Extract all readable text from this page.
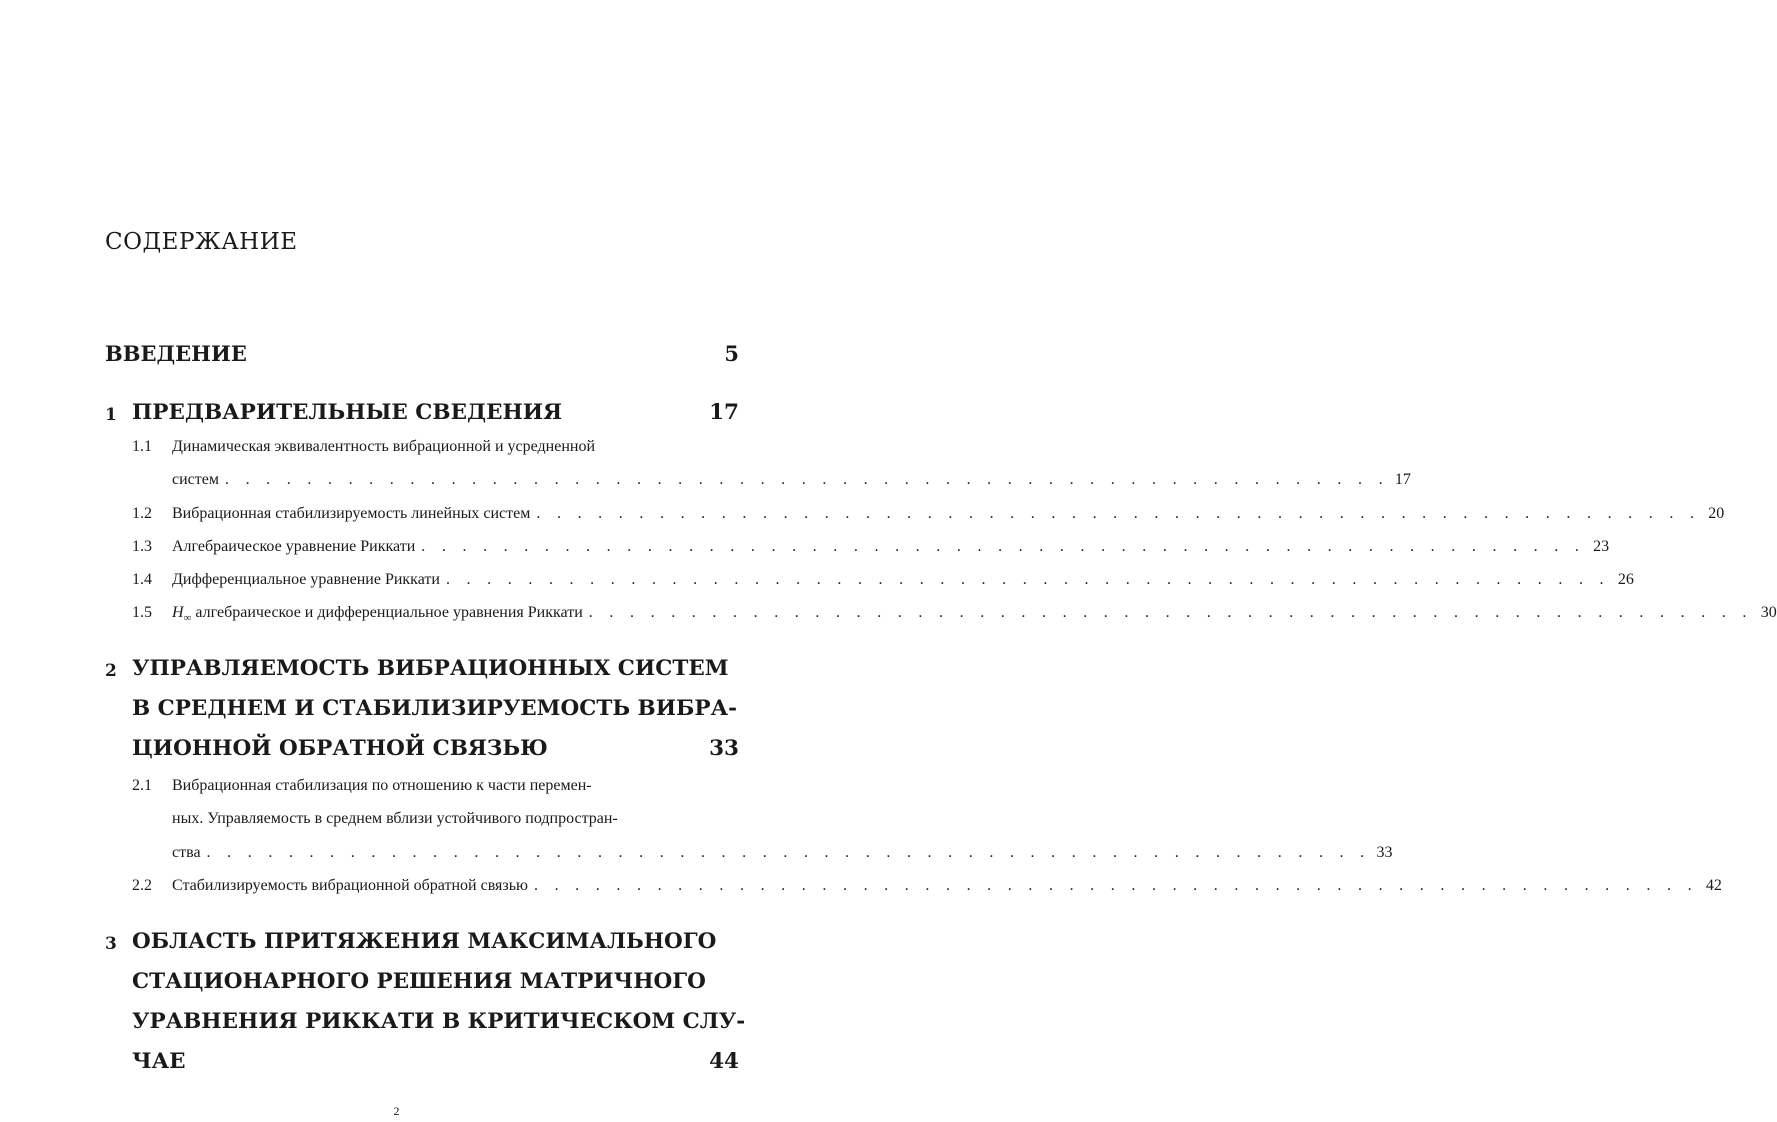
СОДЕРЖАНИЕ
ВВЕДЕНИЕ	5
1 ПРЕДВАРИТЕЛЬНЫЕ СВЕДЕНИЯ	17
1.1 Динамическая эквивалентность вибрационной и усредненной
систем . . . . . . . . . . . . . . . . . . . . . . . . . . . . . . . . . . . . . . . . . . . . . . . . . . . . . . . . . 17
1.2	Вибрационная стабилизируемость линейных систем . . . . . . . . . . . . . . . . . . . . . . . . . . . . . . . . . . . . . . . . . . . . . . . . . . . . . . . . . 20
1.3	Алгебраическое уравнение Риккати . . . . . . . . . . . . . . . . . . . . . . . . . . . . . . . . . . . . . . . . . . . . . . . . . . . . . . . . . 23
1.4	Дифференциальное уравнение Риккати . . . . . . . . . . . . . . . . . . . . . . . . . . . . . . . . . . . . . . . . . . . . . . . . . . . . . . . . . 26
1.5	$H_\infty$ алгебраическое и дифференциальное уравнения Риккати . . . . . . . . . . . . . . . . . . . . . . . . . . . . . . . . . . . . . . . . . . . . . . . . . . . . . . . . . 30
2 УПРАВЛЯЕМОСТЬ ВИБРАЦИОННЫХ СИСТЕМ
В СРЕДНЕМ И СТАБИЛИЗИРУЕМОСТЬ ВИБРА-
ЦИОННОЙ ОБРАТНОЙ СВЯЗЬЮ	33
2.1 Вибрационная стабилизация по отношению к части перемен-
ных. Управляемость в среднем вблизи устойчивого подпростран-
ства . . . . . . . . . . . . . . . . . . . . . . . . . . . . . . . . . . . . . . . . . . . . . . . . . . . . . . . . . 33
2.2	Стабилизируемость вибрационной обратной связью . . . . . . . . . . . . . . . . . . . . . . . . . . . . . . . . . . . . . . . . . . . . . . . . . . . . . . . . . 42
3 ОБЛАСТЬ ПРИТЯЖЕНИЯ МАКСИМАЛЬНОГО
СТАЦИОНАРНОГО РЕШЕНИЯ МАТРИЧНОГО
УРАВНЕНИЯ РИККАТИ В КРИТИЧЕСКОМ СЛУ-
ЧАЕ	44
2
